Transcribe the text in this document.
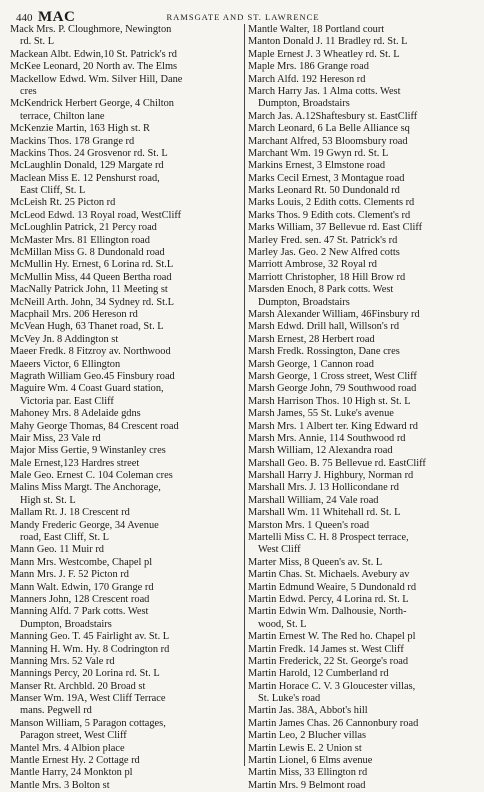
440 MAC	RAMSGATE AND ST. LAWRENCE
Mack Mrs. P. Cloughmore, Newington
rd. St. L
Mackean Albt. Edwin,10 St. Patrick's rd
McKee Leonard, 20 North av. The Elms
Mackellow Edwd. Wm. Silver Hill, Dane
cres
McKendrick Herbert George, 4 Chilton
terrace, Chilton lane
McKenzie Martin, 163 High st. R
Mackins Thos. 178 Grange rd
Mackins Thos. 24 Grosvenor rd. St. L
McLaughlin Donald, 129 Margate rd
Maclean Miss E. 12 Penshurst road,
East Cliff, St. L
McLeish Rt. 25 Picton rd
McLeod Edwd. 13 Royal road, WestCliff
McLoughlin Patrick, 21 Percy road
McMaster Mrs. 81 Ellington road
McMillan Miss G. 8 Dundonald road
McMullin Hy. Ernest, 6 Lorina rd. St.L
McMullin Miss, 44 Queen Bertha road
MacNally Patrick John, 11 Meeting st
McNeill Arth. John, 34 Sydney rd. St.L
Macphail Mrs. 206 Hereson rd
McVean Hugh, 63 Thanet road, St. L
McVey Jn. 8 Addington st
Maeer Fredk. 8 Fitzroy av. Northwood
Maeers Victor, 6 Ellington
Magrath William Geo.45 Finsbury road
Maguire Wm. 4 Coast Guard station,
Victoria par. East Cliff
Mahoney Mrs. 8 Adelaide gdns
Mahy George Thomas, 84 Crescent road
Mair Miss, 23 Vale rd
Major Miss Gertie, 9 Winstanley cres
Male Ernest,123 Hardres street
Male Geo. Ernest C. 104 Coleman cres
Malins Miss Margt. The Anchorage,
High st. St. L
Mallam Rt. J. 18 Crescent rd
Mandy Frederic George, 34 Avenue
road, East Cliff, St. L
Mann Geo. 11 Muir rd
Mann Mrs. Westcombe, Chapel pl
Mann Mrs. J. F. 52 Picton rd
Mann Walt. Edwin, 170 Grange rd
Manners John, 128 Crescent road
Manning Alfd. 7 Park cotts. West
Dumpton, Broadstairs
Manning Geo. T. 45 Fairlight av. St. L
Manning H. Wm. Hy. 8 Codrington rd
Manning Mrs. 52 Vale rd
Mannings Percy, 20 Lorina rd. St. L
Manser Rt. Archbld. 20 Broad st
Manser Wm. 19A, West Cliff Terrace
mans. Pegwell rd
Manson William, 5 Paragon cottages,
Paragon street, West Cliff
Mantel Mrs. 4 Albion place
Mantle Ernest Hy. 2 Cottage rd
Mantle Harry, 24 Monkton pl
Mantle Mrs. 3 Bolton st
Mantle Walter, 18 Portland court
Manton Donald J. 11 Bradley rd. St. L
Maple Ernest J. 3 Wheatley rd. St. L
Maple Mrs. 186 Grange road
March Alfd. 192 Hereson rd
March Harry Jas. 1 Alma cotts. West
Dumpton, Broadstairs
March Jas. A.12Shaftesbury st. EastCliff
March Leonard, 6 La Belle Alliance sq
Marchant Alfred, 53 Bloomsbury road
Marchant Wm. 19 Gwyn rd. St. L
Markins Ernest, 3 Elmstone road
Marks Cecil Ernest, 3 Montague road
Marks Leonard Rt. 50 Dundonald rd
Marks Louis, 2 Edith cotts. Clements rd
Marks Thos. 9 Edith cots. Clement's rd
Marks William, 37 Bellevue rd. East Cliff
Marley Fred. sen. 47 St. Patrick's rd
Marley Jas. Geo. 2 New Alfred cotts
Marriott Ambrose, 32 Royal rd
Marriott Christopher, 18 Hill Brow rd
Marsden Enoch, 8 Park cotts. West
Dumpton, Broadstairs
Marsh Alexander William, 46Finsbury rd
Marsh Edwd. Drill hall, Willson's rd
Marsh Ernest, 28 Herbert road
Marsh Fredk. Rossington, Dane cres
Marsh George, 1 Cannon road
Marsh George, 1 Cross street, West Cliff
Marsh George John, 79 Southwood road
Marsh Harrison Thos. 10 High st. St. L
Marsh James, 55 St. Luke's avenue
Marsh Mrs. 1 Albert ter. King Edward rd
Marsh Mrs. Annie, 114 Southwood rd
Marsh William, 12 Alexandra road
Marshall Geo. B. 75 Bellevue rd. EastCliff
Marshall Harry J. Highbury, Norman rd
Marshall Mrs. J. 13 Hollicondane rd
Marshall William, 24 Vale road
Marshall Wm. 11 Whitehall rd. St. L
Marston Mrs. 1 Queen's road
Martelli Miss C. H. 8 Prospect terrace,
West Cliff
Marter Miss, 8 Queen's av. St. L
Martin Chas. St. Michaels. Avebury av
Martin Edmund Weaire, 5 Dundonald rd
Martin Edwd. Percy, 4 Lorina rd. St. L
Martin Edwin Wm. Dalhousie, North-
wood, St. L
Martin Ernest W. The Red ho. Chapel pl
Martin Fredk. 14 James st. West Cliff
Martin Frederick, 22 St. George's road
Martin Harold, 12 Cumberland rd
Martin Horace C. V. 3 Gloucester villas,
St. Luke's road
Martin Jas. 38A, Abbot's hill
Martin James Chas. 26 Cannonbury road
Martin Leo, 2 Blucher villas
Martin Lewis E. 2 Union st
Martin Lionel, 6 Elms avenue
Martin Miss, 33 Ellington rd
Martin Mrs. 9 Belmont road
